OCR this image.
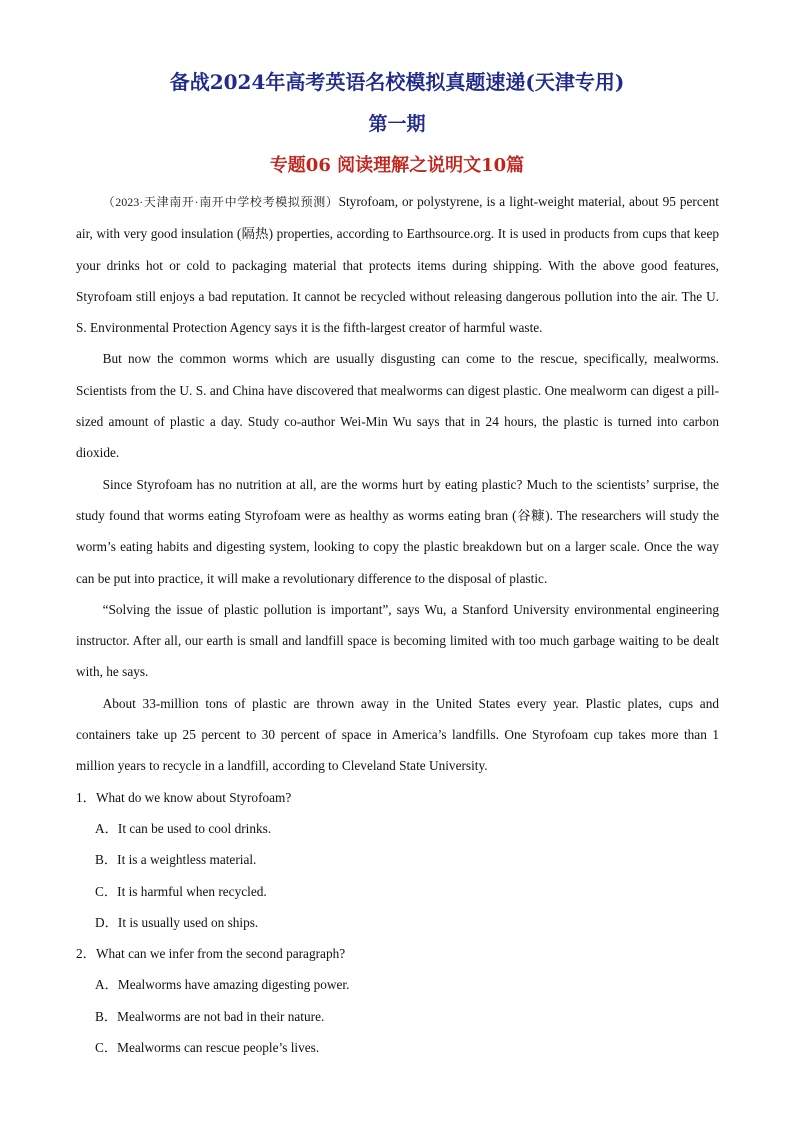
备战2024年高考英语名校模拟真题速递(天津专用)
第一期
专题06 阅读理解之说明文10篇

（2023·天津南开·南开中学校考模拟预测）Styrofoam, or polystyrene, is a light-weight material, about 95 percent air, with very good insulation (隔热) properties, according to Earthsource.org. It is used in products from cups that keep your drinks hot or cold to packaging material that protects items during shipping. With the above good features, Styrofoam still enjoys a bad reputation. It cannot be recycled without releasing dangerous pollution into the air. The U. S. Environmental Protection Agency says it is the fifth-largest creator of harmful waste.

But now the common worms which are usually disgusting can come to the rescue, specifically, mealworms. Scientists from the U. S. and China have discovered that mealworms can digest plastic. One mealworm can digest a pill-sized amount of plastic a day. Study co-author Wei-Min Wu says that in 24 hours, the plastic is turned into carbon dioxide.

Since Styrofoam has no nutrition at all, are the worms hurt by eating plastic? Much to the scientists’ surprise, the study found that worms eating Styrofoam were as healthy as worms eating bran (谷糠). The researchers will study the worm’s eating habits and digesting system, looking to copy the plastic breakdown but on a larger scale. Once the way can be put into practice, it will make a revolutionary difference to the disposal of plastic.

“Solving the issue of plastic pollution is important”, says Wu, a Stanford University environmental engineering instructor. After all, our earth is small and landfill space is becoming limited with too much garbage waiting to be dealt with, he says.

About 33-million tons of plastic are thrown away in the United States every year. Plastic plates, cups and containers take up 25 percent to 30 percent of space in America’s landfills. One Styrofoam cup takes more than 1 million years to recycle in a landfill, according to Cleveland State University.

1．What do we know about Styrofoam?

A．It can be used to cool drinks.

B．It is a weightless material.

C．It is harmful when recycled.

D．It is usually used on ships.

2．What can we infer from the second paragraph?

A．Mealworms have amazing digesting power.

B．Mealworms are not bad in their nature.

C．Mealworms can rescue people’s lives.
